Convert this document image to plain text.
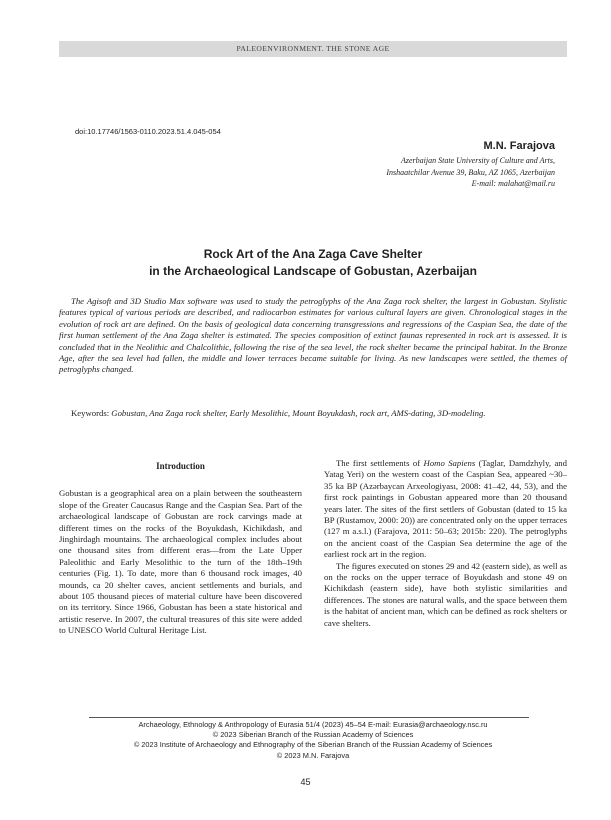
PALEOENVIRONMENT. THE STONE AGE
doi:10.17746/1563-0110.2023.51.4.045-054
M.N. Farajova
Azerbaijan State University of Culture and Arts,
Inshaatchilar Avenue 39, Baku, AZ 1065, Azerbaijan
E-mail: malahat@mail.ru
Rock Art of the Ana Zaga Cave Shelter
in the Archaeological Landscape of Gobustan, Azerbaijan
The Agisoft and 3D Studio Max software was used to study the petroglyphs of the Ana Zaga rock shelter, the largest in Gobustan. Stylistic features typical of various periods are described, and radiocarbon estimates for various cultural layers are given. Chronological stages in the evolution of rock art are defined. On the basis of geological data concerning transgressions and regressions of the Caspian Sea, the date of the first human settlement of the Ana Zaga shelter is estimated. The species composition of extinct faunas represented in rock art is assessed. It is concluded that in the Neolithic and Chalcolithic, following the rise of the sea level, the rock shelter became the principal habitat. In the Bronze Age, after the sea level had fallen, the middle and lower terraces became suitable for living. As new landscapes were settled, the themes of petroglyphs changed.
Keywords: Gobustan, Ana Zaga rock shelter, Early Mesolithic, Mount Boyukdash, rock art, AMS-dating, 3D-modeling.
Introduction

Gobustan is a geographical area on a plain between the southeastern slope of the Greater Caucasus Range and the Caspian Sea. Part of the archaeological landscape of Gobustan are rock carvings made at different times on the rocks of the Boyukdash, Kichikdash, and Jinghirdagh mountains. The archaeological complex includes about one thousand sites from different eras—from the Late Upper Paleolithic and Early Mesolithic to the turn of the 18th–19th centuries (Fig. 1). To date, more than 6 thousand rock images, 40 mounds, ca 20 shelter caves, ancient settlements and burials, and about 105 thousand pieces of material culture have been discovered on its territory. Since 1966, Gobustan has been a state historical and artistic reserve. In 2007, the cultural treasures of this site were added to UNESCO World Cultural Heritage List.

The first settlements of Homo Sapiens (Taglar, Damdzhyly, and Yatag Yeri) on the western coast of the Caspian Sea, appeared ~30–35 ka BP (Azərbaycan Arxeologiyası, 2008: 41–42, 44, 53), and the first rock paintings in Gobustan appeared more than 20 thousand years later. The sites of the first settlers of Gobustan (dated to 15 ka BP (Rustamov, 2000: 20)) are concentrated only on the upper terraces (127 m a.s.l.) (Farajova, 2011: 50–63; 2015b: 220). The petroglyphs on the ancient coast of the Caspian Sea determine the age of the earliest rock art in the region.

The figures executed on stones 29 and 42 (eastern side), as well as on the rocks on the upper terrace of Boyukdash and stone 49 on Kichikdash (eastern side), have both stylistic similarities and differences. The stones are natural walls, and the space between them is the habitat of ancient man, which can be defined as rock shelters or cave shelters.

Archaeology, Ethnology & Anthropology of Eurasia 51/4 (2023) 45–54 E-mail: Eurasia@archaeology.nsc.ru
© 2023 Siberian Branch of the Russian Academy of Sciences
© 2023 Institute of Archaeology and Ethnography of the Siberian Branch of the Russian Academy of Sciences
© 2023 M.N. Farajova
45
